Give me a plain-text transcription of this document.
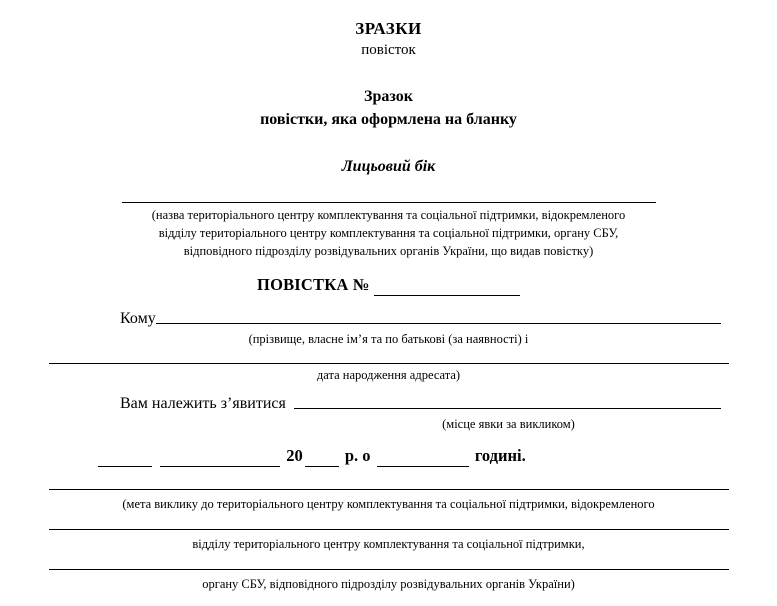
ЗРАЗКИ
повісток
Зразок
повістки, яка оформлена на бланку
Лицьовий бік
(назва територіального центру комплектування та соціальної підтримки, відокремленого
відділу територіального центру комплектування та соціальної підтримки, органу СБУ,
відповідного підрозділу розвідувальних органів України, що видав повістку)
ПОВІСТКА №
Кому
(прізвище, власне ім’я та по батькові (за наявності) і
дата народження адресата)
Вам належить з’явитися
(місце явки за викликом)
20	р. о	годині.
(мета виклику до територіального центру комплектування та соціальної підтримки, відокремленого
відділу територіального центру комплектування та соціальної підтримки,
органу СБУ, відповідного підрозділу розвідувальних органів України)
